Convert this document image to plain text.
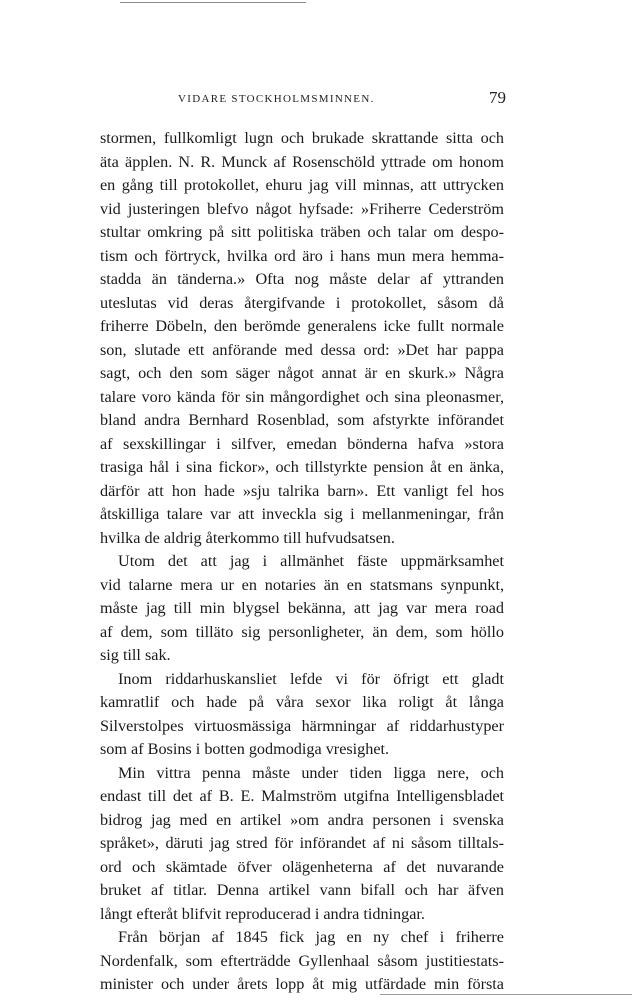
VIDARE STOCKHOLMSMINNEN.	79
stormen, fullkomligt lugn och brukade skrattande sitta och
äta äpplen. N. R. Munck af Rosenschöld yttrade om honom
en gång till protokollet, ehuru jag vill minnas, att uttrycken
vid justeringen blefvo något hyfsade: »Friherre Cederström
stultar omkring på sitt politiska träben och talar om despo-
tism och förtryck, hvilka ord äro i hans mun mera hemma-
stadda än tänderna.» Ofta nog måste delar af yttranden
uteslutas vid deras återgifvande i protokollet, såsom då
friherre Döbeln, den berömde generalens icke fullt normale
son, slutade ett anförande med dessa ord: »Det har pappa
sagt, och den som säger något annat är en skurk.» Några
talare voro kända för sin mångordighet och sina pleonasmer,
bland andra Bernhard Rosenblad, som afstyrkte införandet
af sexskillingar i silfver, emedan bönderna hafva »stora
trasiga hål i sina fickor», och tillstyrkte pension åt en änka,
därför att hon hade »sju talrika barn». Ett vanligt fel hos
åtskilliga talare var att inveckla sig i mellanmeningar, från
hvilka de aldrig återkommo till hufvudsatsen.
Utom det att jag i allmänhet fäste uppmärksamhet
vid talarne mera ur en notaries än en statsmans synpunkt,
måste jag till min blygsel bekänna, att jag var mera road
af dem, som tilläto sig personligheter, än dem, som höllo
sig till sak.
Inom riddarhuskansliet lefde vi för öfrigt ett gladt
kamratlif och hade på våra sexor lika roligt åt långa
Silverstolpes virtuosmässiga härmningar af riddarhustyper
som af Bosins i botten godmodiga vresighet.
Min vittra penna måste under tiden ligga nere, och
endast till det af B. E. Malmström utgifna Intelligensbladet
bidrog jag med en artikel »om andra personen i svenska
språket», däruti jag stred för införandet af ni såsom tilltals-
ord och skämtade öfver olägenheterna af det nuvarande
bruket af titlar. Denna artikel vann bifall och har äfven
långt efteråt blifvit reproducerad i andra tidningar.
Från början af 1845 fick jag en ny chef i friherre
Nordenfalk, som efterträdde Gyllenhaal såsom justitiestats-
minister och under årets lopp åt mig utfärdade min första
